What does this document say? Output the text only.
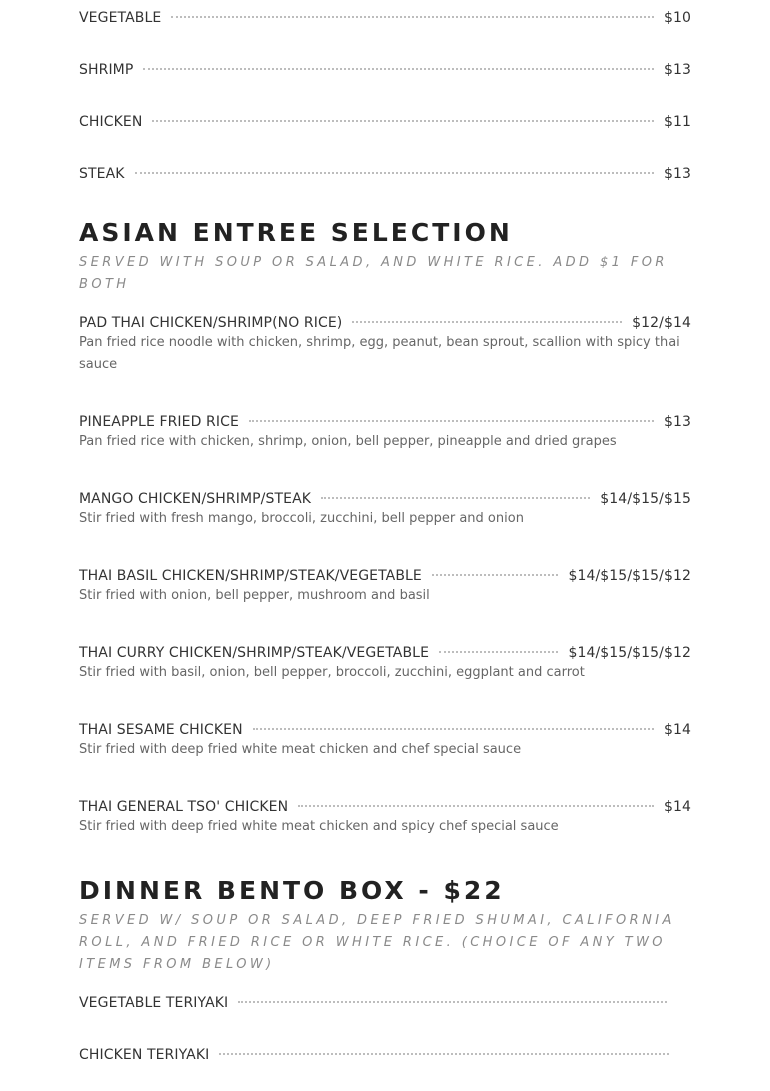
VEGETABLE	$10
SHRIMP	$13
CHICKEN	$11
STEAK	$13
ASIAN ENTREE SELECTION
SERVED WITH SOUP OR SALAD, AND WHITE RICE. ADD $1 FOR BOTH
PAD THAI CHICKEN/SHRIMP(NO RICE)	$12/$14
Pan fried rice noodle with chicken, shrimp, egg, peanut, bean sprout, scallion with spicy thai sauce
PINEAPPLE FRIED RICE	$13
Pan fried rice with chicken, shrimp, onion, bell pepper, pineapple and dried grapes
MANGO CHICKEN/SHRIMP/STEAK	$14/$15/$15
Stir fried with fresh mango, broccoli, zucchini, bell pepper and onion
THAI BASIL CHICKEN/SHRIMP/STEAK/VEGETABLE	$14/$15/$15/$12
Stir fried with onion, bell pepper, mushroom and basil
THAI CURRY CHICKEN/SHRIMP/STEAK/VEGETABLE	$14/$15/$15/$12
Stir fried with basil, onion, bell pepper, broccoli, zucchini, eggplant and carrot
THAI SESAME CHICKEN	$14
Stir fried with deep fried white meat chicken and chef special sauce
THAI GENERAL TSO' CHICKEN	$14
Stir fried with deep fried white meat chicken and spicy chef special sauce
DINNER BENTO BOX - $22
SERVED W/ SOUP OR SALAD, DEEP FRIED SHUMAI, CALIFORNIA ROLL, AND FRIED RICE OR WHITE RICE. (CHOICE OF ANY TWO ITEMS FROM BELOW)
VEGETABLE TERIYAKI
CHICKEN TERIYAKI
